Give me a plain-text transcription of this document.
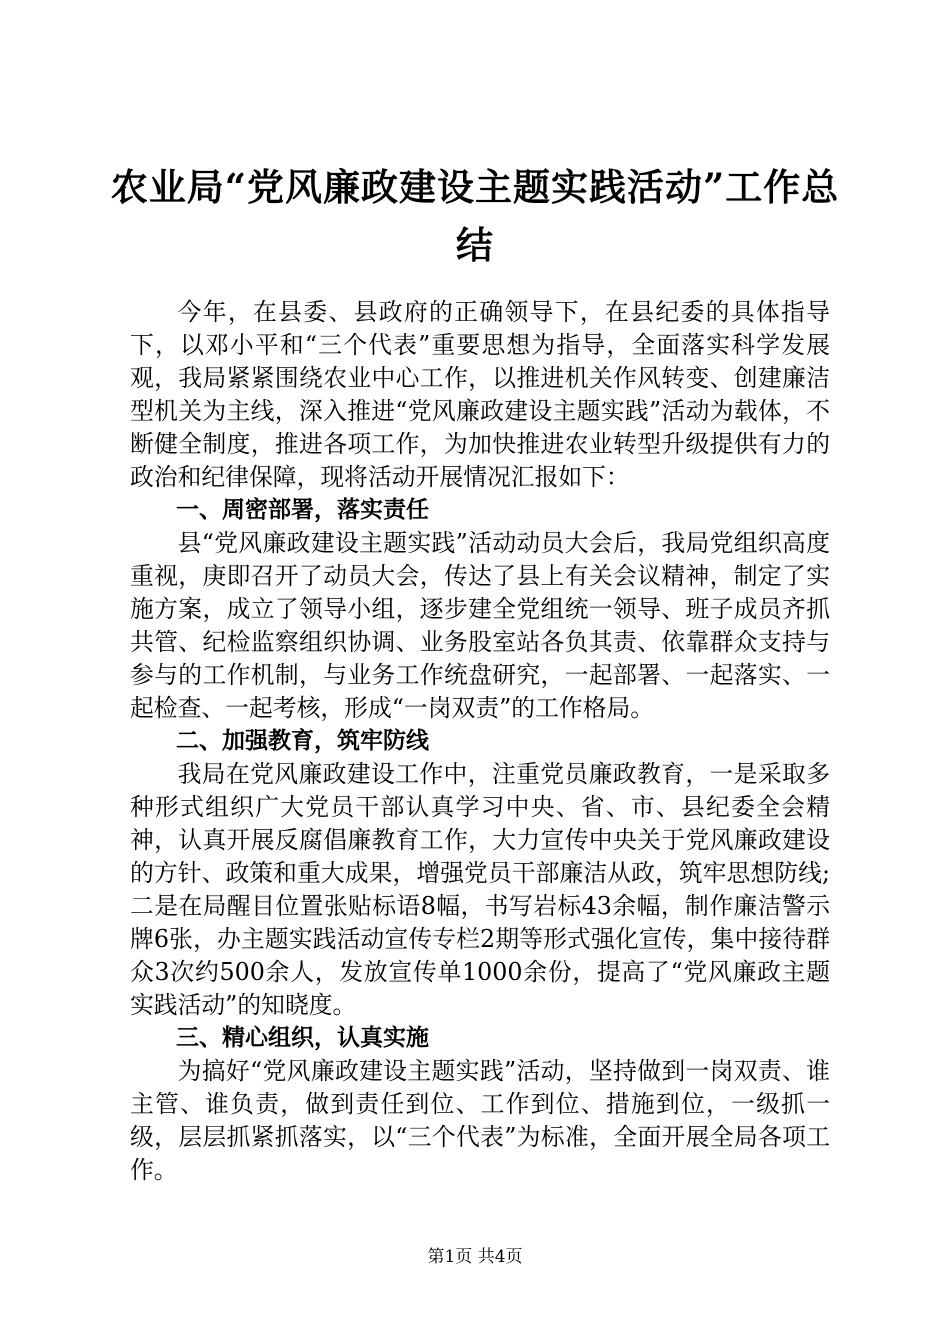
农业局“党风廉政建设主题实践活动”工作总结

今年，在县委、县政府的正确领导下，在县纪委的具体指导下，以邓小平和“三个代表”重要思想为指导，全面落实科学发展观，我局紧紧围绕农业中心工作，以推进机关作风转变、创建廉洁型机关为主线，深入推进“党风廉政建设主题实践”活动为载体，不断健全制度，推进各项工作，为加快推进农业转型升级提供有力的政治和纪律保障，现将活动开展情况汇报如下：

一、周密部署，落实责任

县“党风廉政建设主题实践”活动动员大会后，我局党组织高度重视，庚即召开了动员大会，传达了县上有关会议精神，制定了实施方案，成立了领导小组，逐步建全党组统一领导、班子成员齐抓共管、纪检监察组织协调、业务股室站各负其责、依靠群众支持与参与的工作机制，与业务工作统盘研究，一起部署、一起落实、一起检查、一起考核，形成“一岗双责”的工作格局。

二、加强教育，筑牢防线

我局在党风廉政建设工作中，注重党员廉政教育，一是采取多种形式组织广大党员干部认真学习中央、省、市、县纪委全会精神，认真开展反腐倡廉教育工作，大力宣传中央关于党风廉政建设的方针、政策和重大成果，增强党员干部廉洁从政，筑牢思想防线;二是在局醒目位置张贴标语8幅，书写岩标43余幅，制作廉洁警示牌6张，办主题实践活动宣传专栏2期等形式强化宣传，集中接待群众3次约500余人，发放宣传单1000余份，提高了“党风廉政主题实践活动”的知晓度。

三、精心组织，认真实施

为搞好“党风廉政建设主题实践”活动，坚持做到一岗双责、谁主管、谁负责，做到责任到位、工作到位、措施到位，一级抓一级，层层抓紧抓落实，以“三个代表”为标准，全面开展全局各项工作。

第1页 共4页
